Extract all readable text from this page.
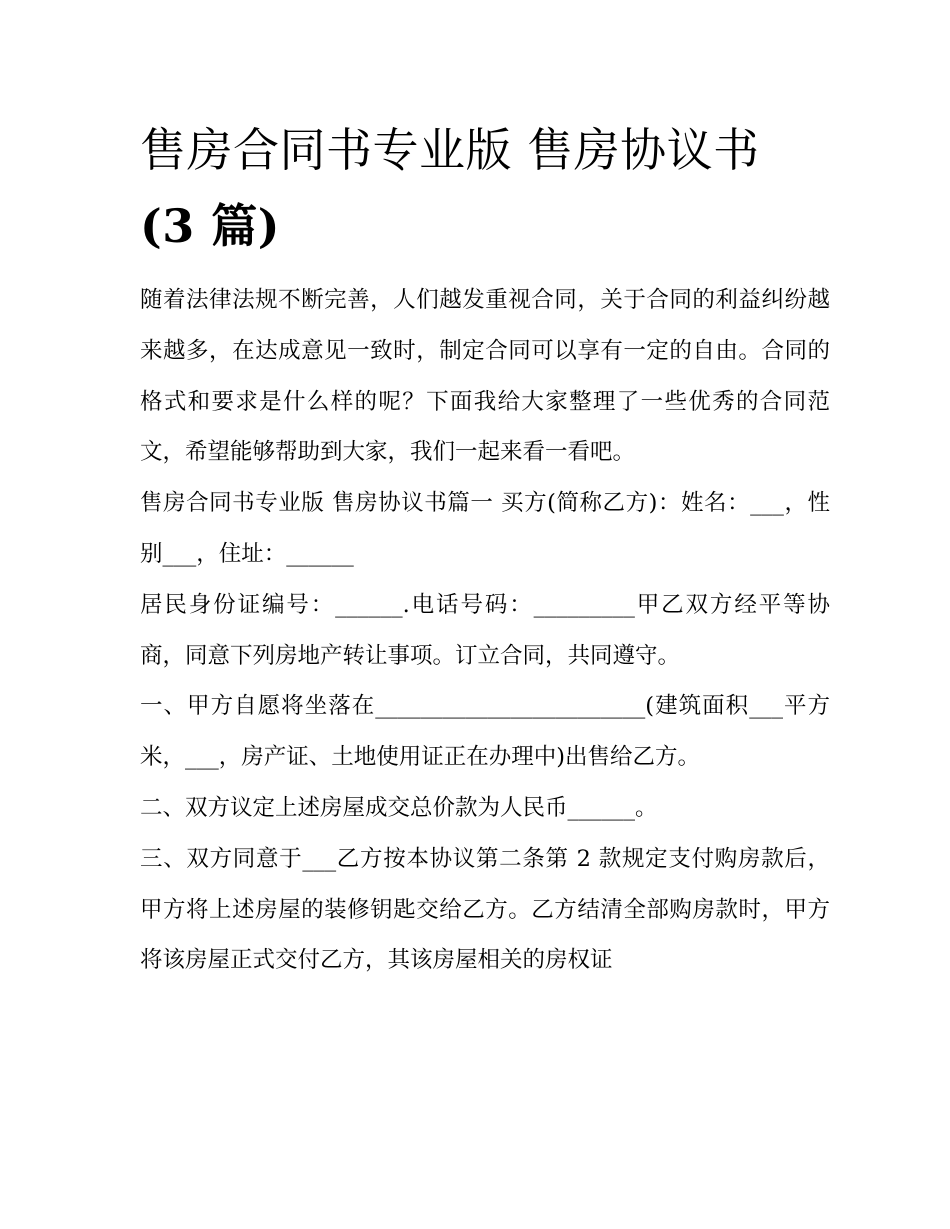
售房合同书专业版 售房协议书
(3 篇)

随着法律法规不断完善，人们越发重视合同，关于合同的利益纠纷越来越多，在达成意见一致时，制定合同可以享有一定的自由。合同的格式和要求是什么样的呢？下面我给大家整理了一些优秀的合同范文，希望能够帮助到大家，我们一起来看一看吧。

售房合同书专业版 售房协议书篇一 买方(简称乙方)：姓名：___，性别___，住址：______

居民身份证编号：______.电话号码：_________甲乙双方经平等协商，同意下列房地产转让事项。订立合同，共同遵守。

一、甲方自愿将坐落在________________________(建筑面积___平方米，___，房产证、土地使用证正在办理中)出售给乙方。

二、双方议定上述房屋成交总价款为人民币______。

三、双方同意于___乙方按本协议第二条第 2 款规定支付购房款后，甲方将上述房屋的装修钥匙交给乙方。乙方结清全部购房款时，甲方将该房屋正式交付乙方，其该房屋相关的房权证
